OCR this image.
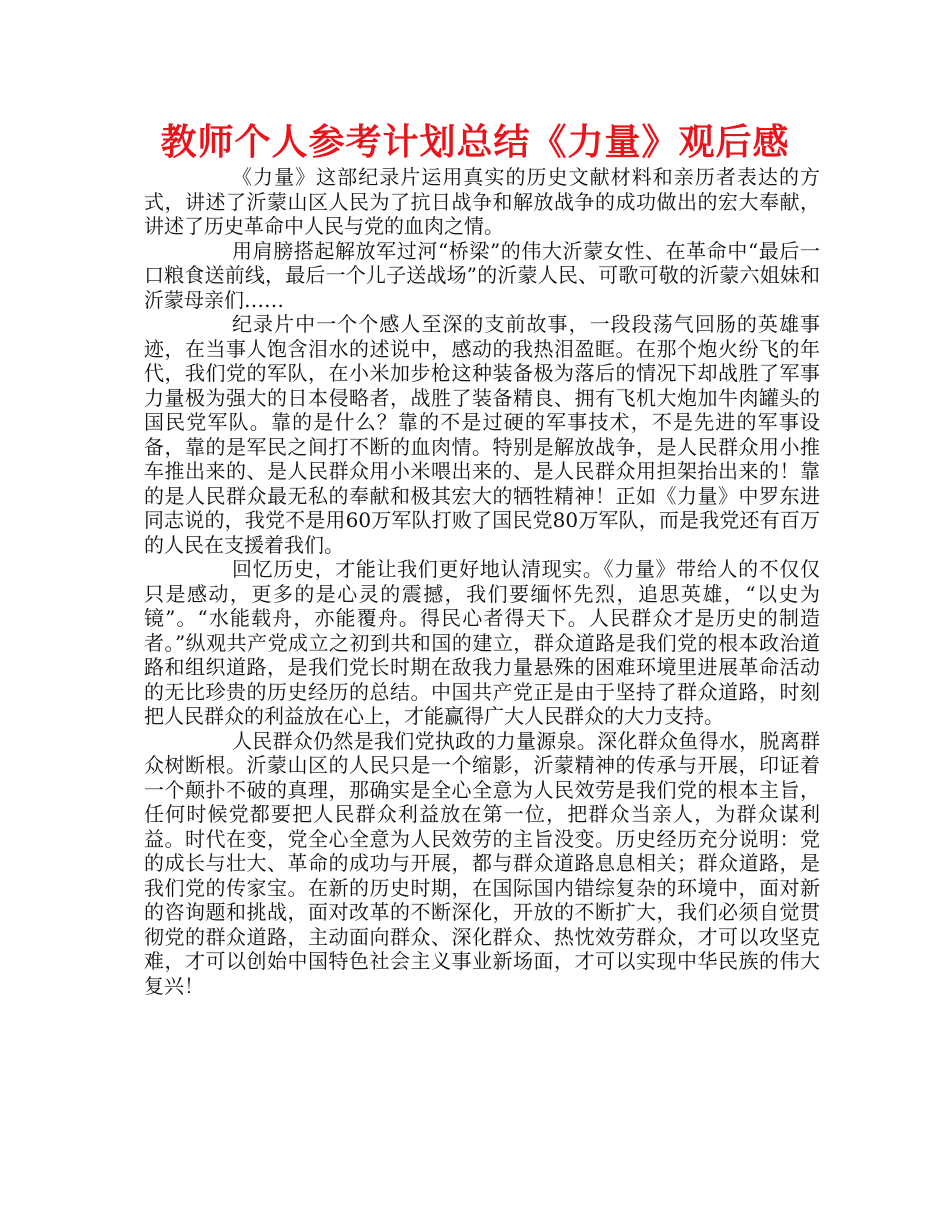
教师个人参考计划总结《力量》观后感

《力量》这部纪录片运用真实的历史文献材料和亲历者表达的方式，讲述了沂蒙山区人民为了抗日战争和解放战争的成功做出的宏大奉献，讲述了历史革命中人民与党的血肉之情。

用肩膀搭起解放军过河“桥梁”的伟大沂蒙女性、在革命中“最后一口粮食送前线，最后一个儿子送战场”的沂蒙人民、可歌可敬的沂蒙六姐妹和沂蒙母亲们……

纪录片中一个个感人至深的支前故事，一段段荡气回肠的英雄事迹，在当事人饱含泪水的述说中，感动的我热泪盈眶。在那个炮火纷飞的年代，我们党的军队，在小米加步枪这种装备极为落后的情况下却战胜了军事力量极为强大的日本侵略者，战胜了装备精良、拥有飞机大炮加牛肉罐头的国民党军队。靠的是什么？靠的不是过硬的军事技术，不是先进的军事设备，靠的是军民之间打不断的血肉情。特别是解放战争，是人民群众用小推车推出来的、是人民群众用小米喂出来的、是人民群众用担架抬出来的！靠的是人民群众最无私的奉献和极其宏大的牺牲精神！正如《力量》中罗东进同志说的，我党不是用60万军队打败了国民党80万军队，而是我党还有百万的人民在支援着我们。

回忆历史，才能让我们更好地认清现实。《力量》带给人的不仅仅只是感动，更多的是心灵的震撼，我们要缅怀先烈，追思英雄，“以史为镜”。“水能载舟，亦能覆舟。得民心者得天下。人民群众才是历史的制造者。”纵观共产党成立之初到共和国的建立，群众道路是我们党的根本政治道路和组织道路，是我们党长时期在敌我力量悬殊的困难环境里进展革命活动的无比珍贵的历史经历的总结。中国共产党正是由于坚持了群众道路，时刻把人民群众的利益放在心上，才能赢得广大人民群众的大力支持。

人民群众仍然是我们党执政的力量源泉。深化群众鱼得水，脱离群众树断根。沂蒙山区的人民只是一个缩影，沂蒙精神的传承与开展，印证着一个颠扑不破的真理，那确实是全心全意为人民效劳是我们党的根本主旨，任何时候党都要把人民群众利益放在第一位，把群众当亲人，为群众谋利益。时代在变，党全心全意为人民效劳的主旨没变。历史经历充分说明：党的成长与壮大、革命的成功与开展，都与群众道路息息相关；群众道路，是我们党的传家宝。在新的历史时期，在国际国内错综复杂的环境中，面对新的咨询题和挑战，面对改革的不断深化，开放的不断扩大，我们必须自觉贯彻党的群众道路，主动面向群众、深化群众、热忱效劳群众，才可以攻坚克难，才可以创始中国特色社会主义事业新场面，才可以实现中华民族的伟大复兴！
